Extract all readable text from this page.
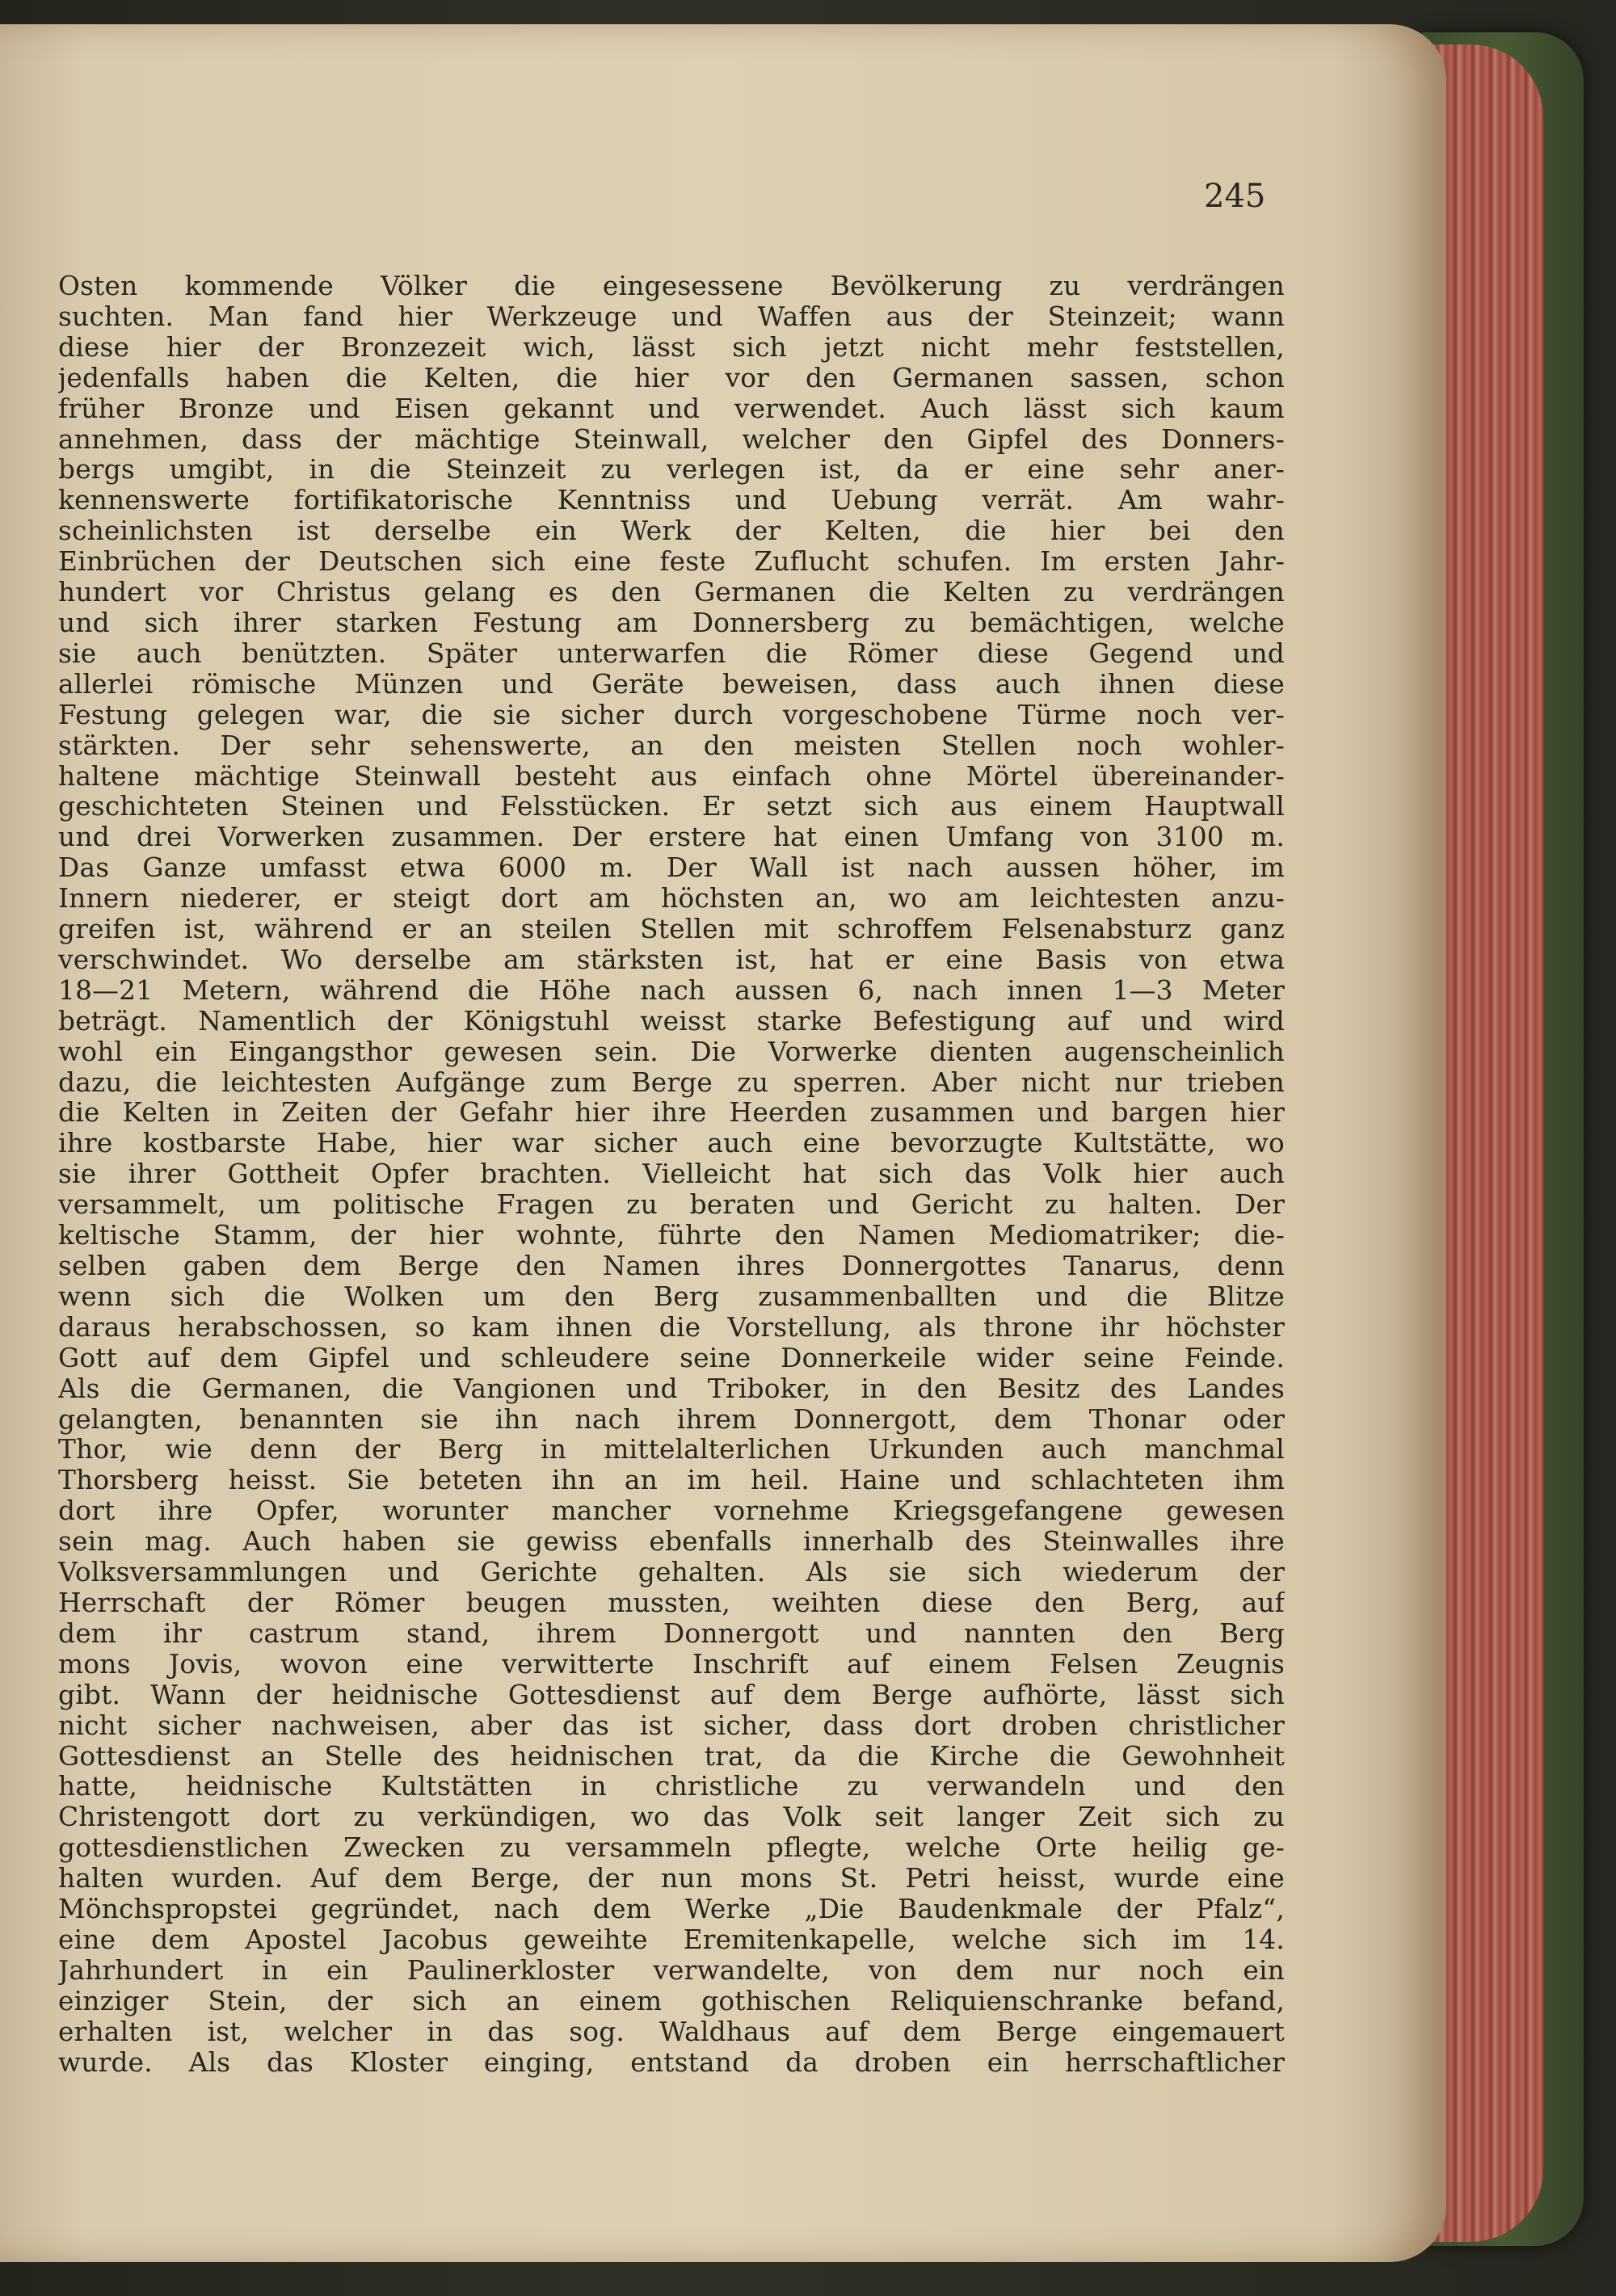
245
Osten kommende Völker die eingesessene Bevölkerung zu verdrängen
suchten. Man fand hier Werkzeuge und Waffen aus der Steinzeit; wann
diese hier der Bronzezeit wich, lässt sich jetzt nicht mehr feststellen,
jedenfalls haben die Kelten, die hier vor den Germanen sassen, schon
früher Bronze und Eisen gekannt und verwendet. Auch lässt sich kaum
annehmen, dass der mächtige Steinwall, welcher den Gipfel des Donners-
bergs umgibt, in die Steinzeit zu verlegen ist, da er eine sehr aner-
kennenswerte fortifikatorische Kenntniss und Uebung verrät. Am wahr-
scheinlichsten ist derselbe ein Werk der Kelten, die hier bei den
Einbrüchen der Deutschen sich eine feste Zuflucht schufen. Im ersten Jahr-
hundert vor Christus gelang es den Germanen die Kelten zu verdrängen
und sich ihrer starken Festung am Donnersberg zu bemächtigen, welche
sie auch benützten. Später unterwarfen die Römer diese Gegend und
allerlei römische Münzen und Geräte beweisen, dass auch ihnen diese
Festung gelegen war, die sie sicher durch vorgeschobene Türme noch ver-
stärkten. Der sehr sehenswerte, an den meisten Stellen noch wohler-
haltene mächtige Steinwall besteht aus einfach ohne Mörtel übereinander-
geschichteten Steinen und Felsstücken. Er setzt sich aus einem Hauptwall
und drei Vorwerken zusammen. Der erstere hat einen Umfang von 3100 m.
Das Ganze umfasst etwa 6000 m. Der Wall ist nach aussen höher, im
Innern niederer, er steigt dort am höchsten an, wo am leichtesten anzu-
greifen ist, während er an steilen Stellen mit schroffem Felsenabsturz ganz
verschwindet. Wo derselbe am stärksten ist, hat er eine Basis von etwa
18—21 Metern, während die Höhe nach aussen 6, nach innen 1—3 Meter
beträgt. Namentlich der Königstuhl weisst starke Befestigung auf und wird
wohl ein Eingangsthor gewesen sein. Die Vorwerke dienten augenscheinlich
dazu, die leichtesten Aufgänge zum Berge zu sperren. Aber nicht nur trieben
die Kelten in Zeiten der Gefahr hier ihre Heerden zusammen und bargen hier
ihre kostbarste Habe, hier war sicher auch eine bevorzugte Kultstätte, wo
sie ihrer Gottheit Opfer brachten. Vielleicht hat sich das Volk hier auch
versammelt, um politische Fragen zu beraten und Gericht zu halten. Der
keltische Stamm, der hier wohnte, führte den Namen Mediomatriker; die-
selben gaben dem Berge den Namen ihres Donnergottes Tanarus, denn
wenn sich die Wolken um den Berg zusammenballten und die Blitze
daraus herabschossen, so kam ihnen die Vorstellung, als throne ihr höchster
Gott auf dem Gipfel und schleudere seine Donnerkeile wider seine Feinde.
Als die Germanen, die Vangionen und Triboker, in den Besitz des Landes
gelangten, benannten sie ihn nach ihrem Donnergott, dem Thonar oder
Thor, wie denn der Berg in mittelalterlichen Urkunden auch manchmal
Thorsberg heisst. Sie beteten ihn an im heil. Haine und schlachteten ihm
dort ihre Opfer, worunter mancher vornehme Kriegsgefangene gewesen
sein mag. Auch haben sie gewiss ebenfalls innerhalb des Steinwalles ihre
Volksversammlungen und Gerichte gehalten. Als sie sich wiederum der
Herrschaft der Römer beugen mussten, weihten diese den Berg, auf
dem ihr castrum stand, ihrem Donnergott und nannten den Berg
mons Jovis, wovon eine verwitterte Inschrift auf einem Felsen Zeugnis
gibt. Wann der heidnische Gottesdienst auf dem Berge aufhörte, lässt sich
nicht sicher nachweisen, aber das ist sicher, dass dort droben christlicher
Gottesdienst an Stelle des heidnischen trat, da die Kirche die Gewohnheit
hatte, heidnische Kultstätten in christliche zu verwandeln und den
Christengott dort zu verkündigen, wo das Volk seit langer Zeit sich zu
gottesdienstlichen Zwecken zu versammeln pflegte, welche Orte heilig ge-
halten wurden. Auf dem Berge, der nun mons St. Petri heisst, wurde eine
Mönchspropstei gegründet, nach dem Werke „Die Baudenkmale der Pfalz“,
eine dem Apostel Jacobus geweihte Eremitenkapelle, welche sich im 14.
Jahrhundert in ein Paulinerkloster verwandelte, von dem nur noch ein
einziger Stein, der sich an einem gothischen Reliquienschranke befand,
erhalten ist, welcher in das sog. Waldhaus auf dem Berge eingemauert
wurde. Als das Kloster einging, entstand da droben ein herrschaftlicher
